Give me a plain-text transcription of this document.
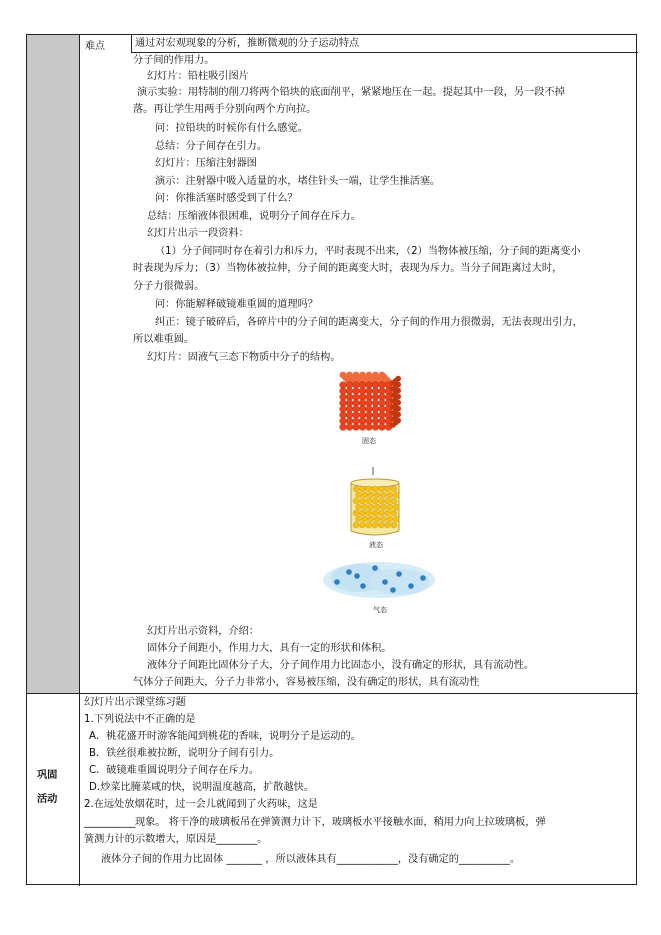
难点	通过对宏观现象的分析，推断微观的分子运动特点
分子间的作用力。
幻灯片：铅柱吸引图片
演示实验：用特制的削刀将两个铅块的底面削平，紧紧地压在一起。提起其中一段，另一段不掉
落。再让学生用两手分别向两个方向拉。
问：拉铅块的时候你有什么感觉。
总结：分子间存在引力。
幻灯片：压缩注射器图
演示：注射器中吸入适量的水，堵住针头一端，让学生推活塞。
问：你推活塞时感受到了什么？
总结：压缩液体很困难，说明分子间存在斥力。
幻灯片出示一段资料：
（1）分子间同时存在着引力和斥力，平时表现不出来，（2）当物体被压缩，分子间的距离变小
时表现为斥力；（3）当物体被拉伸，分子间的距离变大时，表现为斥力。当分子间距离过大时，
分子力很微弱。
问：你能解释破镜难重圆的道理吗？
纠正：镜子破碎后，各碎片中的分子间的距离变大，分子间的作用力很微弱，无法表现出引力，
所以难重圆。
幻灯片：固液气三态下物质中分子的结构。
固态
液态
气态
幻灯片出示资料，介绍：
固体分子间距小，作用力大，具有一定的形状和体积。
液体分子间距比固体分子大，分子间作用力比固态小，没有确定的形状，具有流动性。
气体分子间距大，分子力非常小，容易被压缩，没有确定的形状，具有流动性
巩固
活动
幻灯片出示课堂练习题
1.下列说法中不正确的是
A．桃花盛开时游客能闻到桃花的香味，说明分子是运动的。
B．铁丝很难被拉断，说明分子间有引力。
C．破镜难重圆说明分子间存在斥力。
D.炒菜比腌菜咸的快，说明温度越高，扩散越快。
2.在远处放烟花时，过一会儿就闻到了火药味，这是
__________现象。 将干净的玻璃板吊在弹簧测力计下，玻璃板水平接触水面，稍用力向上拉玻璃板，弹
簧测力计的示数增大，原因是________。
液体分子间的作用力比固体 _______ ，所以液体具有____________，没有确定的__________。
